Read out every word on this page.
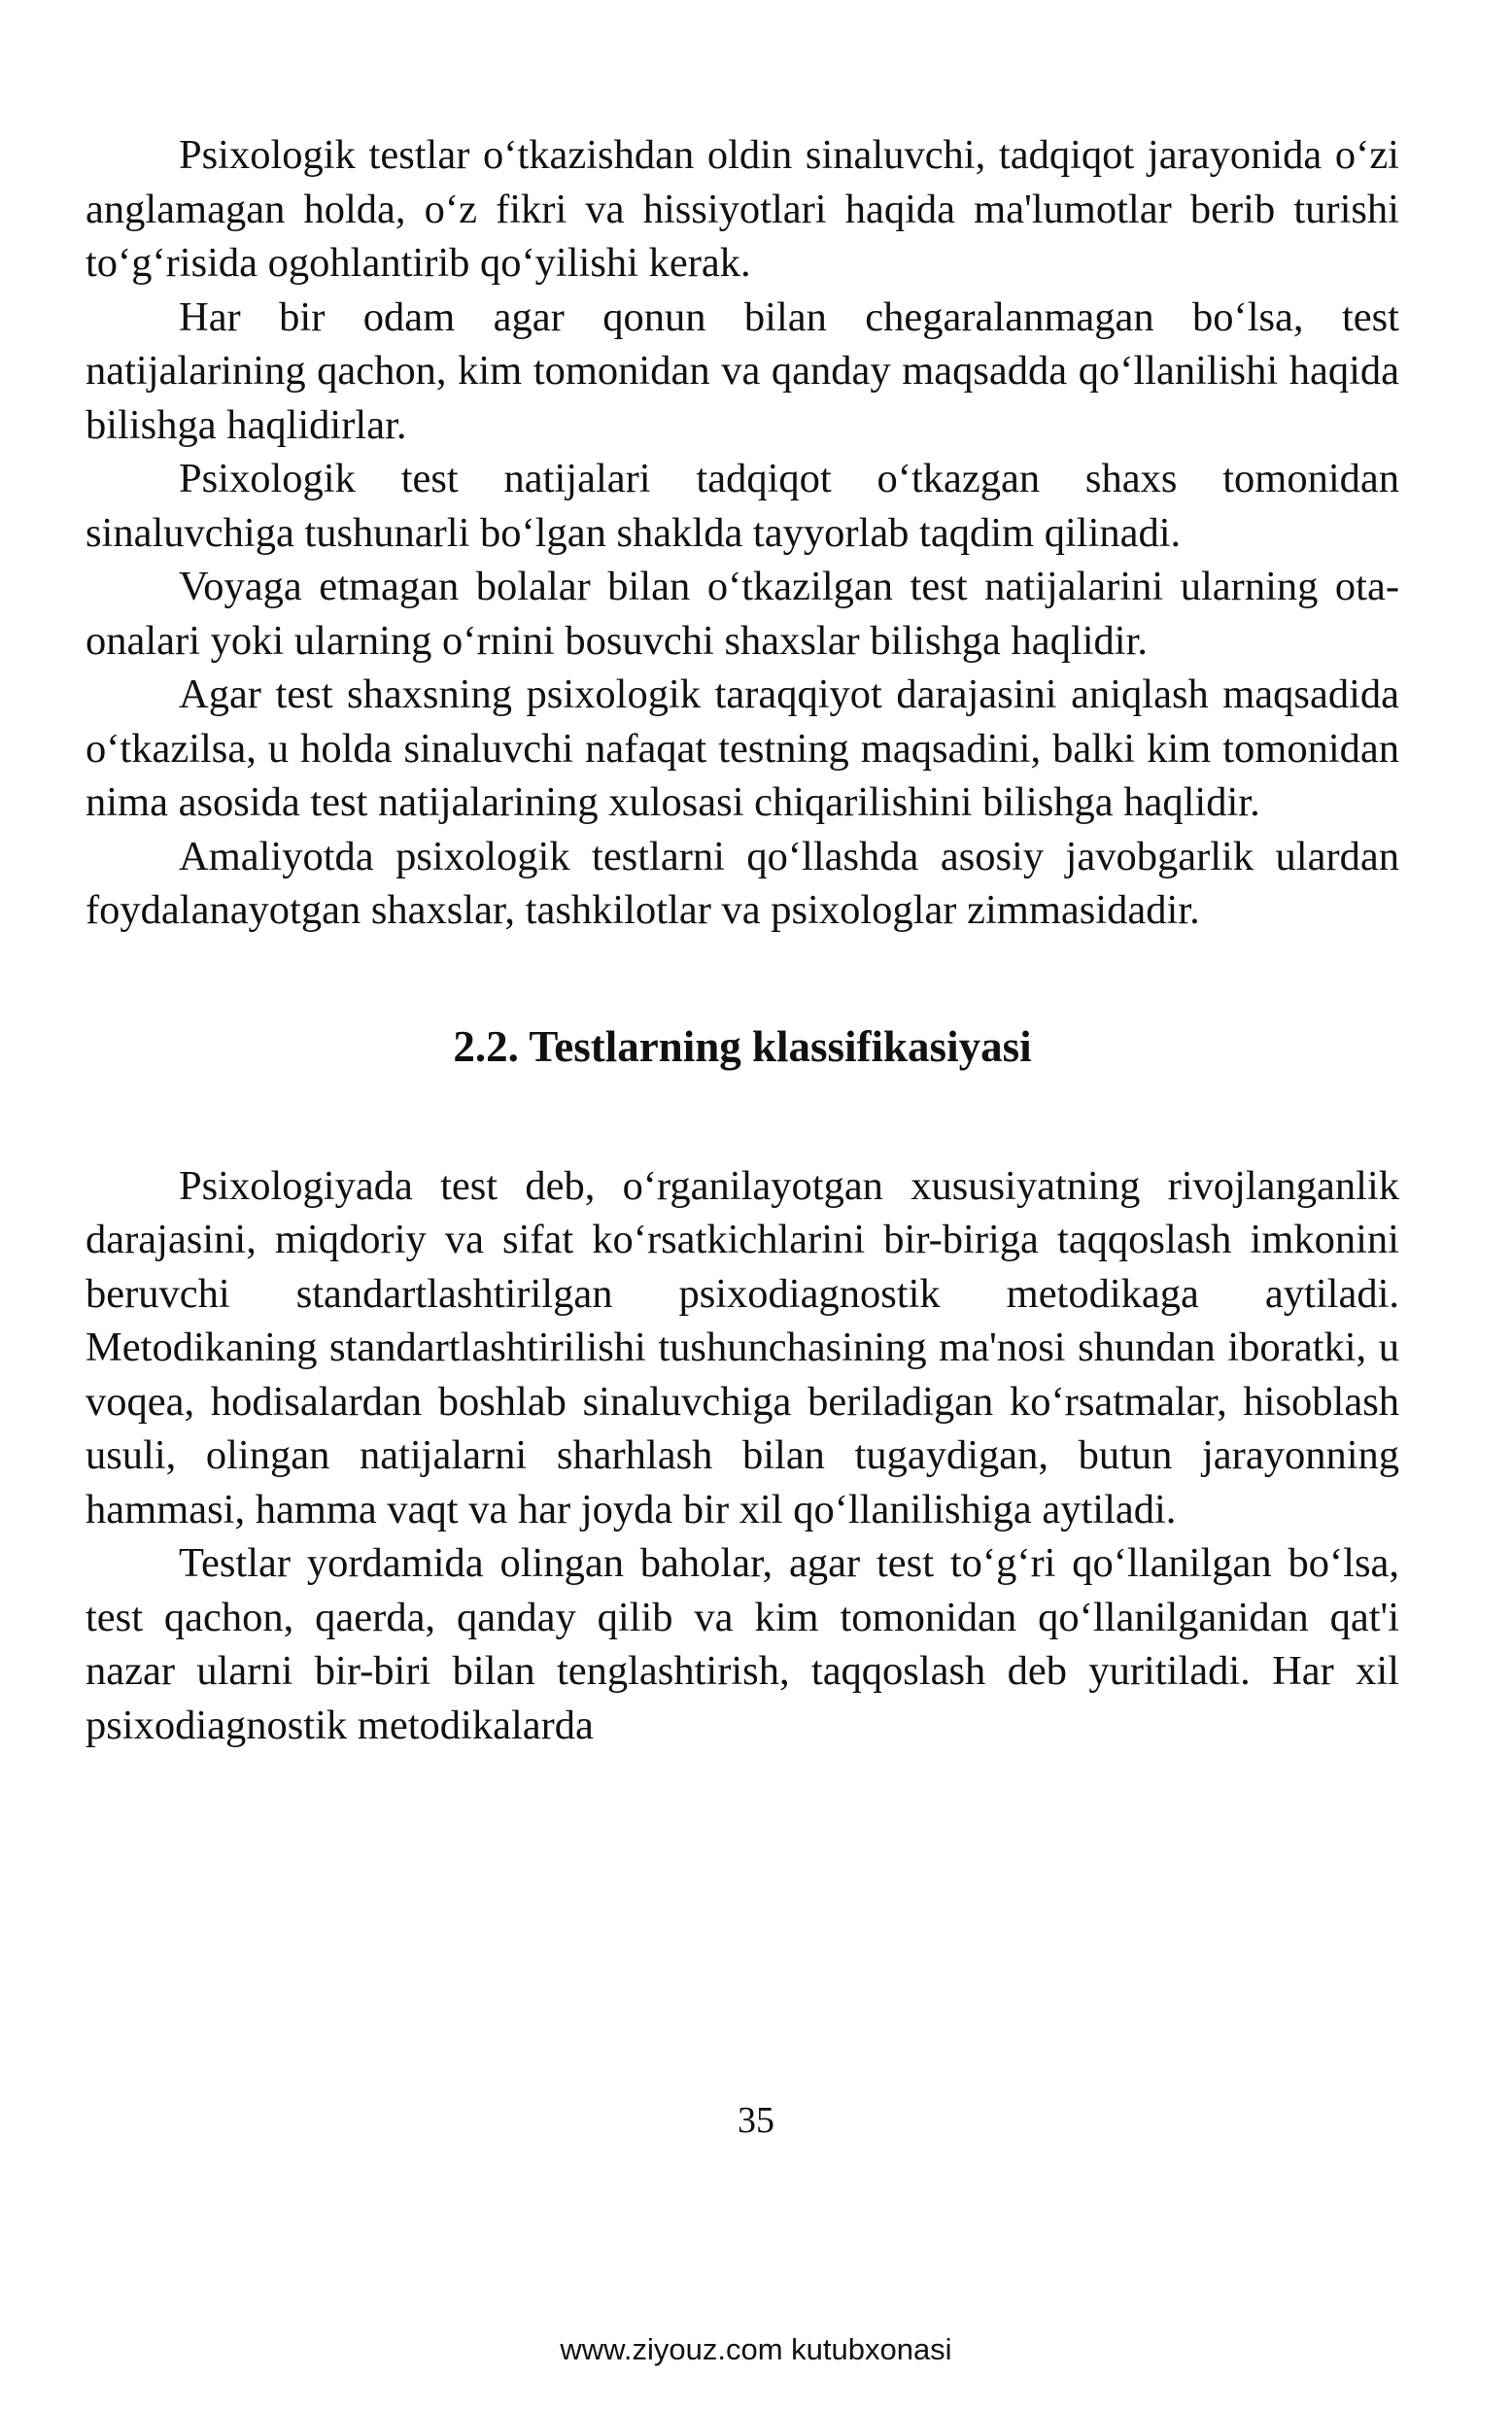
Psixologik testlar o‘tkazishdan oldin sinaluvchi, tadqiqot jarayonida o‘zi anglamagan holda, o‘z fikri va hissiyotlari haqida ma'lumotlar berib turishi to‘g‘risida ogohlantirib qo‘yilishi kerak.

Har bir odam agar qonun bilan chegaralanmagan bo‘lsa, test natijalarining qachon, kim tomonidan va qanday maqsadda qo‘llanilishi haqida bilishga haqlidirlar.

Psixologik test natijalari tadqiqot o‘tkazgan shaxs tomonidan sinaluvchiga tushunarli bo‘lgan shaklda tayyorlab taqdim qilinadi.

Voyaga etmagan bolalar bilan o‘tkazilgan test natijalarini ularning ota-onalari yoki ularning o‘rnini bosuvchi shaxslar bilishga haqlidir.

Agar test shaxsning psixologik taraqqiyot darajasini aniqlash maqsadida o‘tkazilsa, u holda sinaluvchi nafaqat testning maqsadini, balki kim tomonidan nima asosida test natijalarining xulosasi chiqarilishini bilishga haqlidir.

Amaliyotda psixologik testlarni qo‘llashda asosiy javobgarlik ulardan foydalanayotgan shaxslar, tashkilotlar va psixologlar zimmasidadir.

2.2. Testlarning klassifikasiyasi

Psixologiyada test deb, o‘rganilayotgan xususiyatning rivojlanganlik darajasini, miqdoriy va sifat ko‘rsatkichlarini bir-biriga taqqoslash imkonini beruvchi standartlashtirilgan psixodiagnostik metodikaga aytiladi. Metodikaning standartlashtirilishi tushunchasining ma'nosi shundan iboratki, u voqea, hodisalardan boshlab sinaluvchiga beriladigan ko‘rsatmalar, hisoblash usuli, olingan natijalarni sharhlash bilan tugaydigan, butun jarayonning hammasi, hamma vaqt va har joyda bir xil qo‘llanilishiga aytiladi.

Testlar yordamida olingan baholar, agar test to‘g‘ri qo‘llanilgan bo‘lsa, test qachon, qaerda, qanday qilib va kim tomonidan qo‘llanilganidan qat'i nazar ularni bir-biri bilan tenglashtirish, taqqoslash deb yuritiladi. Har xil psixodiagnostik metodikalarda

35
www.ziyouz.com kutubxonasi
